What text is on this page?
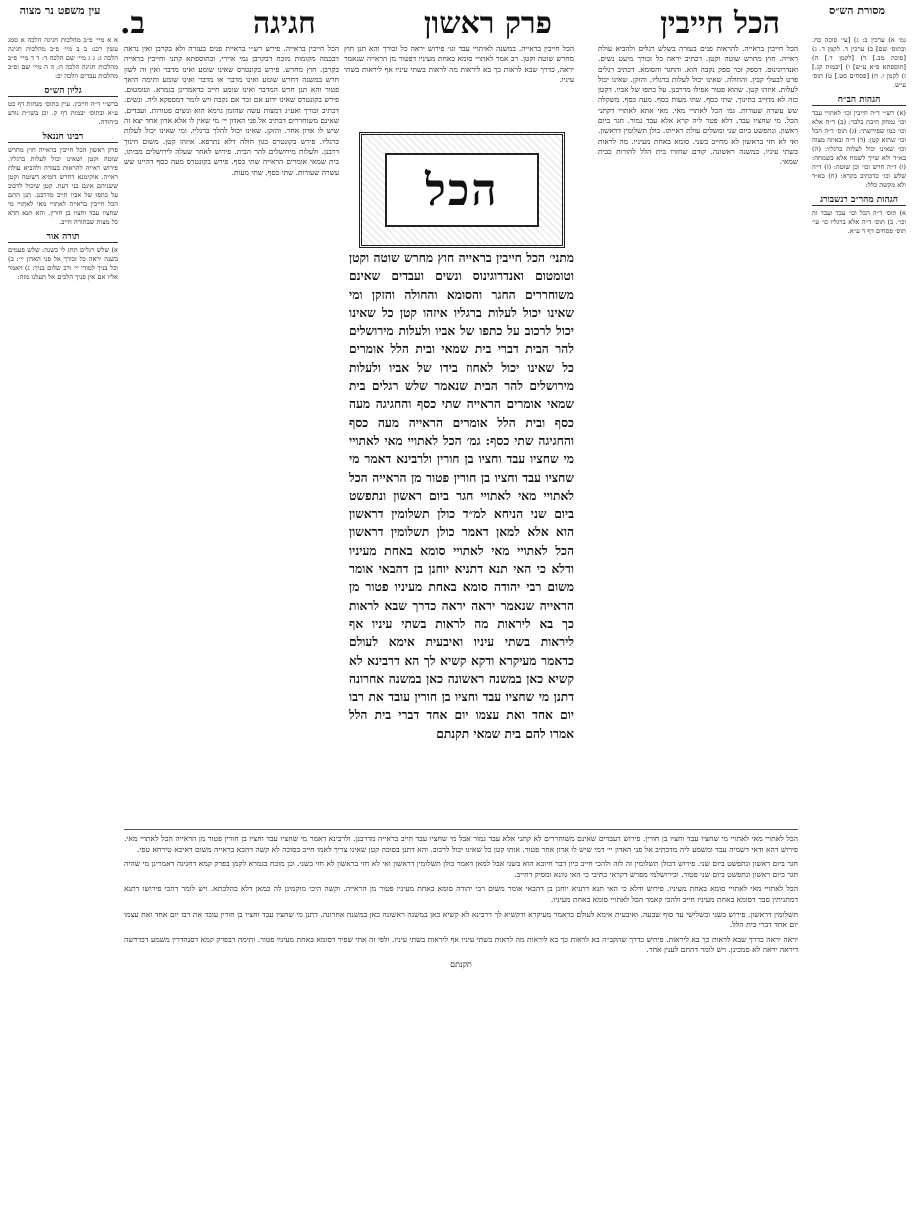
מסורת הש״ס
עין משפט נר מצוה	הכל חייבין
פרק ראשון
חגיגה
ב.	גמ׳ א) ערכין ב: ג) [עי׳ סוכה כח. ובתוס׳ שם] ב) ערכין ד. לקמן ד. ג) [סוכה מב.] ד) [לקמן ד.] ה) [תוספתא פ״א ע״ש] ו) [יבמות קג.] ז) לקמן ו. ח) [פסחים סט.] ט) תוס׳ ע״ש.

הגהות הב״ח

(א) רש״י ד״ה חייבין וכו׳ לאתויי עבד וכו׳ נמחק תיבת בלבד: (ב) ד״ה אלא וכו׳ כמו שפירשתי: (ג) תוס׳ ד״ה הכל וכו׳ שהוא קטן: (ד) ד״ה ובאיזה מצוה וכו׳ שאינו יכול לעלות ברגליו: (ה) בא״ד ולא שייך לשמח אלא בשמחה: (ו) ד״ה חרש וכו׳ וכן שוטה: (ז) ד״ה שלש וכו׳ כדכתיב בקרא: (ח) בא״ד ולא מקשה כלל:

הגהות מהר״ב רנשבורג

א) תוס׳ ד״ה הכל וכו׳ עבד ועבד זה וכו׳. ב) תוס׳ ד״ה אלא ברגליו כו׳ עי׳ תוס׳ פסחים דף ד ע״א.

א א מיי׳ פ״ב מהלכות חגיגה הלכה א סמג עשין רכג: ב ב מיי׳ פ״ב מהלכות חגיגה הלכה ג: ג ג מיי׳ שם הלכה ד: ד ד מיי׳ פ״ב מהלכות חגיגה הלכה ה: ה ה מיי׳ שם ופ״ב מהלכות עבדים הלכה יב:

גליון הש״ס

ברש״י ד״ה חייבין. עיין בתוס׳ מנחות דף כט ע״א ובתוס׳ יבמות דף ק. וכן בשו״ת נודע ביהודה.

רבינו חננאל

פרק ראשון הכל חייבין בראייה חוץ מחרש שוטה וקטן ושאינו יכול לעלות ברגליו. פירוש ראייה להראות בעזרה ולהביא עולת ראייה. אוקימנא דחרש דומיא דשוטה וקטן ששניהם אינם בני דעת. קטן שיכול לרכוב על כתפו של אביו חייב מדרבנן. תנן התם הכל חייבין בראייה לאתויי מאי לאתויי מי שחציו עבד וחציו בן חורין. והא תנא חדא כל מצות שבתורה חייב.

תורה אור

א) שלש רגלים תחג לי בשנה: שלש פעמים בשנה יראה כל זכורך אל פני האדון יי׳: ב) וכל בניך למודי יי׳ ורב שלום בניך: ג) ויאמר אליו אם אין פניך הלכים אל תעלנו מזה:

הכל חייבין בראייה. להראות פנים בעזרה בשלש רגלים ולהביא עולת ראייה. חוץ מחרש שוטה וקטן. דכתיב יראה כל זכורך מיעט נשים. ואנדרוגינוס. דספק זכר ספק נקבה הוא. והחגר והסומא. דכתיב רגלים פרט לבעלי קבין. והחולה. שאינו יכול לעלות ברגליו. והזקן. שאינו יכול לעלות. איזהו קטן. שהוא פטור אפילו מדרבנן. על כתפו של אביו. דקטן כזה לא מחייב בחינוך. שתי כסף. שתי מעות כסף. מעה כסף. משקלה שש עשרה שעורות. גמ׳ הכל לאתויי מאי. מאי אתא לאתויי דקתני הכל. מי שחציו עבד. דלא פטר ליה קרא אלא עבד גמור. חגר ביום ראשון. ונתפשט ביום שני ומשלים עולת ראייתו. כולן תשלומין דראשון. ואי לא חזי בראשון לא מחייב בשני. סומא באחת מעיניו. מה לראות בשתי עיניו. במשנה ראשונה. קודם שחזרו בית הלל להורות כבית שמאי.

הכל חייבין בראייה. פירש רש״י בראיית פנים בעזרה ולא בקרבן ואין נראה דבכמה מקומות מוכח דבקרבן נמי איירי, ובתוספתא קתני וחייבין בראייה בקרבן. חוץ מחרש. פירש בקונטרס שאינו שומע ואינו מדבר ואין זה לשון חרש במשנה דחרש שומע ואינו מדבר או מדבר ואינו שומע ותימה היאך פטור והא תנן חרש המדבר ואינו שומע חייב כדאמרינן בגמרא. וטומטום. פירש בקונטרס שאינו ידוע אם זכר אם נקבה ויש לומר דמספקא ליה. ונשים. דכתיב זכורך ואע״ג דמצות עשה שהזמן גרמא הוא ונשים פטורות. ועבדים. שאינם משוחררים דכתיב אל פני האדון יי׳ מי שאין לו אלא אדון אחד יצא זה שיש לו אדון אחר. והזקן. שאינו יכול להלך ברגליו. ומי שאינו יכול לעלות ברגליו. פירש בקונטרס כגון חולה דלא נתרפא. איזהו קטן. משום חינוך דרבנן. ולעלות מירושלים להר הבית. פירוש לאחר שעלה לירושלים מביתו. בית שמאי אומרים הראייה שתי כסף. פירש בקונטרס מעה כסף דהיינו שש עשרה שעורות. שתי כסף. שתי מעות.

הכל חייבין בראייה. במשנה לאיתויי עבד וגו׳ פירוש יראה כל זכורך והא תנן חוץ מחרש שוטה וקטן. רב אמר לאתויי סומא באחת מעיניו דפטור מן הראייה שנאמר יראה, כדרך שבא לראות כך בא ליראות מה לראות בשתי עיניו אף ליראות בשתי עיניו.

הכל
מתני׳ הכל חייבין בראייה חוץ מחרש שוטה וקטן וטומטום ואנדרוגינוס ונשים ועבדים שאינם משוחררים החגר והסומא והחולה והזקן ומי שאינו יכול לעלות ברגליו איזהו קטן כל שאינו יכול לרכוב על כתפו של אביו ולעלות מירושלים להר הבית דברי בית שמאי ובית הלל אומרים כל שאינו יכול לאחוז בידו של אביו ולעלות מירושלים להר הבית שנאמר שלש רגלים בית שמאי אומרים הראייה שתי כסף והחגיגה מעה כסף ובית הלל אומרים הראייה מעה כסף והחגיגה שתי כסף: גמ׳ הכל לאתויי מאי לאתויי מי שחציו עבד וחציו בן חורין ולרבינא דאמר מי שחציו עבד וחציו בן חורין פטור מן הראייה הכל לאתויי מאי לאתויי חגר ביום ראשון ונתפשט ביום שני הניחא למ״ד כולן תשלומין דראשון הוא אלא למאן דאמר כולן תשלומין דראשון הכל לאתויי מאי לאתויי סומא באחת מעיניו ודלא כי האי תנא דתניא יוחנן בן דהבאי אומר משום רבי יהודה סומא באחת מעיניו פטור מן הראייה שנאמר יראה יראה כדרך שבא לראות כך בא ליראות מה לראות בשתי עיניו אף ליראות בשתי עיניו ואיבעית אימא לעולם כדאמר מעיקרא ודקא קשיא לך הא דרבינא לא קשיא כאן במשנה ראשונה כאן במשנה אחרונה דתנן מי שחציו עבד וחציו בן חורין עובד את רבו יום אחד ואת עצמו יום אחד דברי בית הלל אמרו להם בית שמאי תקנתם

הכל לאתויי מאי לאתויי מי שחציו עבד וחציו בן חורין. פירוש דעבדים שאינם משוחררים לא קתני אלא עבד גמור אבל מי שחציו עבד חייב בראייה מדרבנן. ולרבינא דאמר מי שחציו עבד וחציו בן חורין פטור מן הראייה הכל לאתויי מאי. פירוש דהא ודאי דשמיה עבד ומשמע ליה מדכתיב אל פני האדון יי׳ דמי שיש לו אדון אחר פטור. אותו קטן כל שאינו יכול לרכוב. והא דתנן בסוכה קטן שאינו צריך לאמו חייב בסוכה לא קשה דהכא בראייה משום דאיכא טירחא טפי.

חגר ביום ראשון ונתפשט ביום שני. פירוש דכולן תשלומין זה לזה ולהכי חייב כיון דבר חיובא הוא בשני אבל למאן דאמר כולן תשלומין דראשון ואי לא חזי בראשון לא חזי בשני. וכן מוכח בגמרא לקמן בפרק קמא דחגיגה דאמרינן מי שהיה חגר ביום ראשון ונתפשט ביום שני פטור. ובירושלמי מפרש דקראי כתיבי כי האי גוונא ומסיק דחייב.

הכל לאתויי מאי לאתויי סומא באחת מעיניו. פירוש ודלא כי האי תנא דתניא יוחנן בן דהבאי אומר משום רבי יהודה סומא באחת מעיניו פטור מן הראייה. וקשה היכי מוקמינן לה כמאן דלא כהלכתא. ויש לומר דהכי פירושו דתנא דמתניתין סבר דסומא באחת מעיניו חייב ולהכי קאמר הכל לאתויי סומא באחת מעיניו.

תשלומין דראשון. פירוש בשני ובשלישי עד סוף שבעה. ואיבעית אימא לעולם כדאמר מעיקרא ודקשיא לך דרבינא לא קשיא כאן במשנה ראשונה כאן במשנה אחרונה. דתנן מי שחציו עבד וחציו בן חורין עובד את רבו יום אחד ואת עצמו יום אחד דברי בית הלל.

יראה יראה כדרך שבא לראות כך בא ליראות. פירוש כדרך שהקב״ה בא לראות כך בא ליראות מה לראות בשתי עיניו אף ליראות בשתי עיניו. ולפי זה אתי שפיר דסומא באחת מעיניו פטור. ותימה דבפרק קמא דסנהדרין משמע דבדרשה דיראה יראה לא סמכינן. ויש לומר דהתם לענין אחר.

תקנתם
